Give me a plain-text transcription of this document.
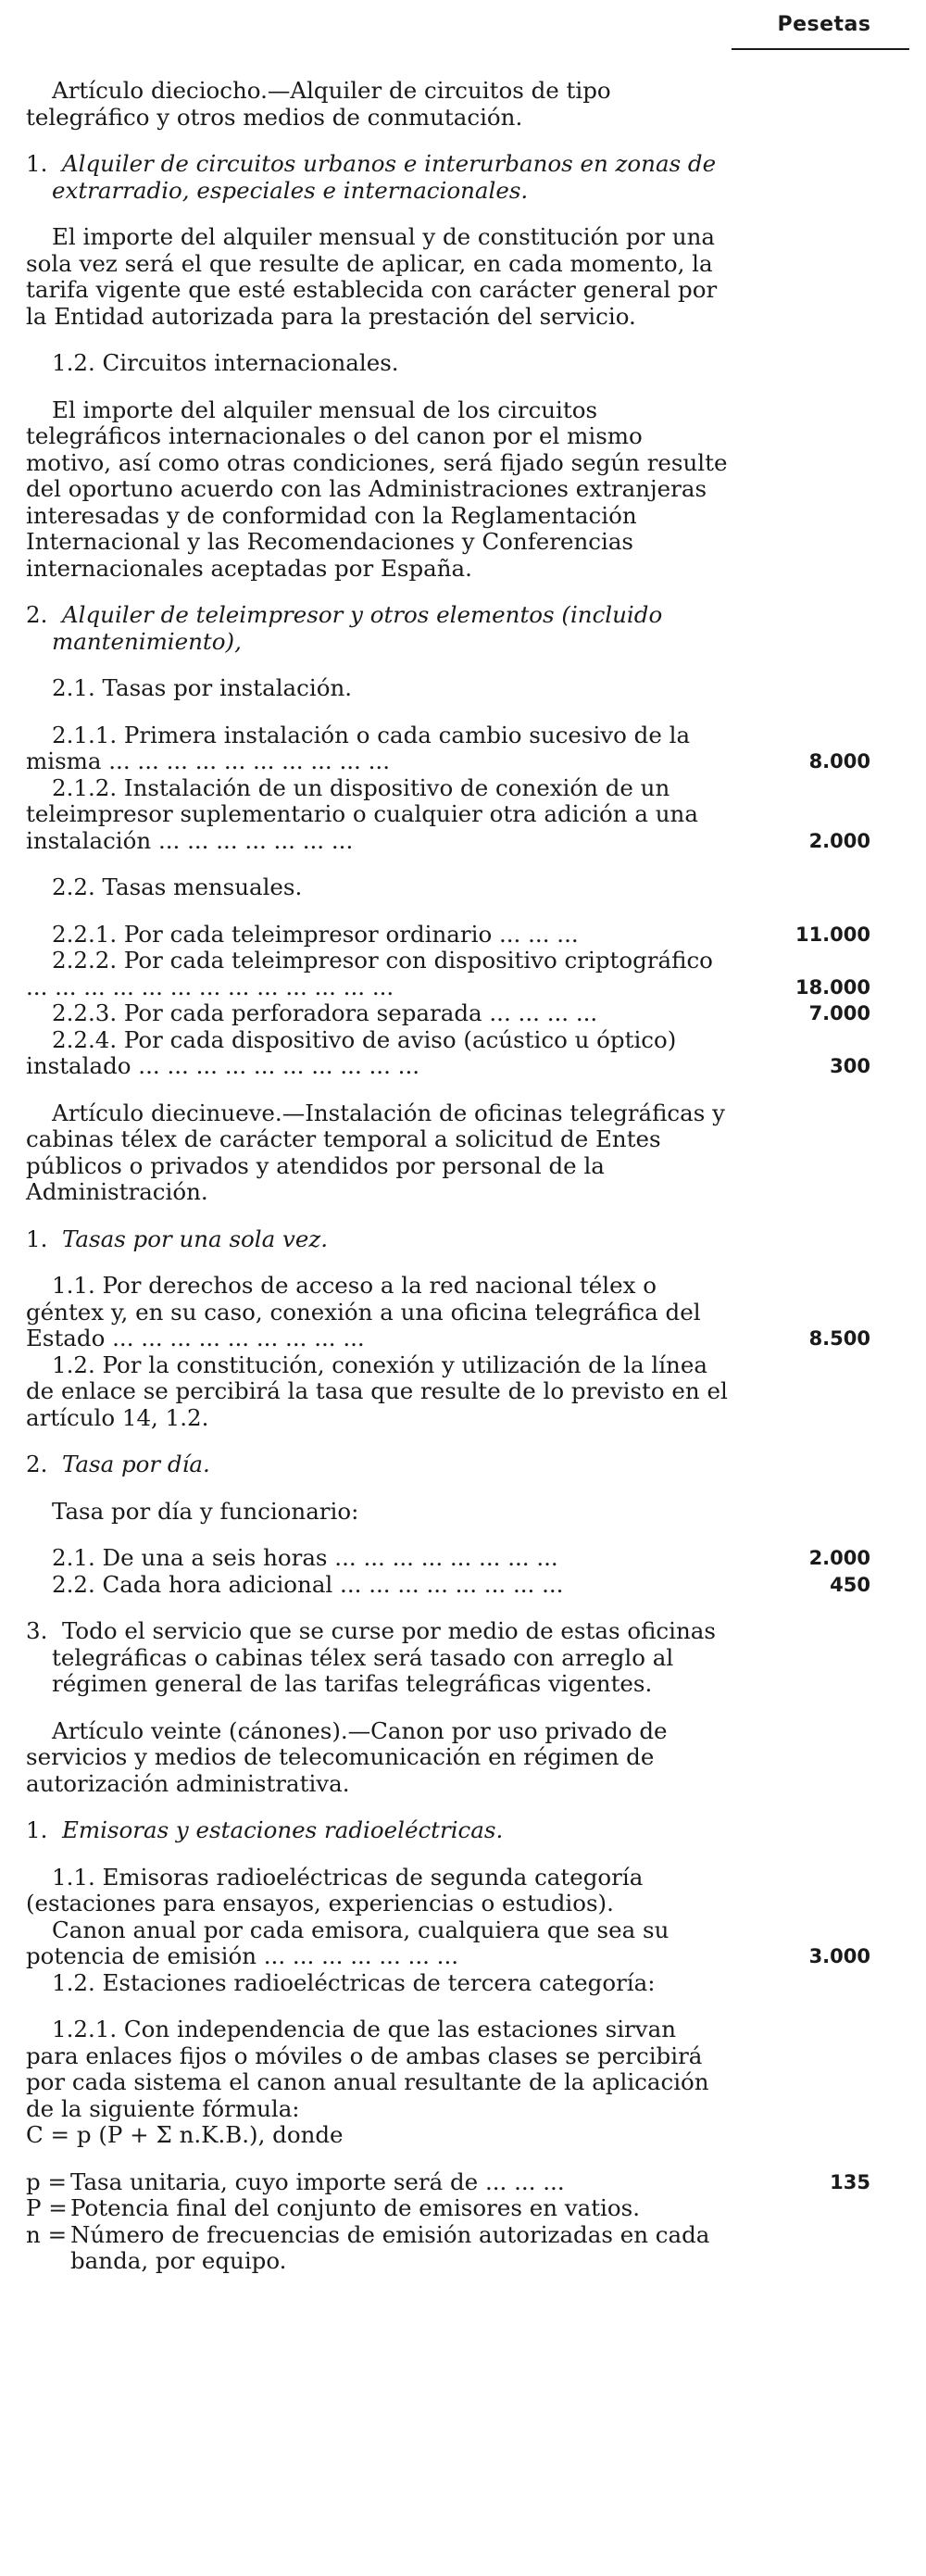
Pesetas
Artículo dieciocho.—Alquiler de circuitos de tipo telegráfico y otros medios de conmutación.
1. Alquiler de circuitos urbanos e interurbanos en zonas de extrarradio, especiales e internacionales.
El importe del alquiler mensual y de constitución por una sola vez será el que resulte de aplicar, en cada momento, la tarifa vigente que esté establecida con carácter general por la Entidad autorizada para la prestación del servicio.
1.2. Circuitos internacionales.
El importe del alquiler mensual de los circuitos telegráficos internacionales o del canon por el mismo motivo, así como otras condiciones, será fijado según resulte del oportuno acuerdo con las Administraciones extranjeras interesadas y de conformidad con la Reglamentación Internacional y las Recomendaciones y Conferencias internacionales aceptadas por España.
2. Alquiler de teleimpresor y otros elementos (incluido mantenimiento),
2.1. Tasas por instalación.
2.1.1. Primera instalación o cada cambio sucesivo de la misma ... ... ... ... ... ... ... ... ... ...	8.000
2.1.2. Instalación de un dispositivo de conexión de un teleimpresor suplementario o cualquier otra adición a una instalación ... ... ... ... ... ... ...	2.000
2.2. Tasas mensuales.
2.2.1. Por cada teleimpresor ordinario ... ... ...	11.000
2.2.2. Por cada teleimpresor con dispositivo criptográfico ... ... ... ... ... ... ... ... ... ... ... ... ...	18.000
2.2.3. Por cada perforadora separada ... ... ... ...	7.000
2.2.4. Por cada dispositivo de aviso (acústico u óptico) instalado ... ... ... ... ... ... ... ... ... ...	300
Artículo diecinueve.—Instalación de oficinas telegráficas y cabinas télex de carácter temporal a solicitud de Entes públicos o privados y atendidos por personal de la Administración.
1. Tasas por una sola vez.
1.1. Por derechos de acceso a la red nacional télex o géntex y, en su caso, conexión a una oficina telegráfica del Estado ... ... ... ... ... ... ... ... ...	8.500
1.2. Por la constitución, conexión y utilización de la línea de enlace se percibirá la tasa que resulte de lo previsto en el artículo 14, 1.2.
2. Tasa por día.
Tasa por día y funcionario:
2.1. De una a seis horas ... ... ... ... ... ... ... ...	2.000
2.2. Cada hora adicional ... ... ... ... ... ... ... ...	450
3. Todo el servicio que se curse por medio de estas oficinas telegráficas o cabinas télex será tasado con arreglo al régimen general de las tarifas telegráficas vigentes.
Artículo veinte (cánones).—Canon por uso privado de servicios y medios de telecomunicación en régimen de autorización administrativa.
1. Emisoras y estaciones radioeléctricas.
1.1. Emisoras radioeléctricas de segunda categoría (estaciones para ensayos, experiencias o estudios).
Canon anual por cada emisora, cualquiera que sea su potencia de emisión ... ... ... ... ... ... ...	3.000
1.2. Estaciones radioeléctricas de tercera categoría:
1.2.1. Con independencia de que las estaciones sirvan para enlaces fijos o móviles o de ambas clases se percibirá por cada sistema el canon anual resultante de la aplicación de la siguiente fórmula:
C = p (P + Σ n.K.B.), donde
p = Tasa unitaria, cuyo importe será de ... ... ...	135
P = Potencia final del conjunto de emisores en vatios.
n = Número de frecuencias de emisión autorizadas en cada banda, por equipo.
